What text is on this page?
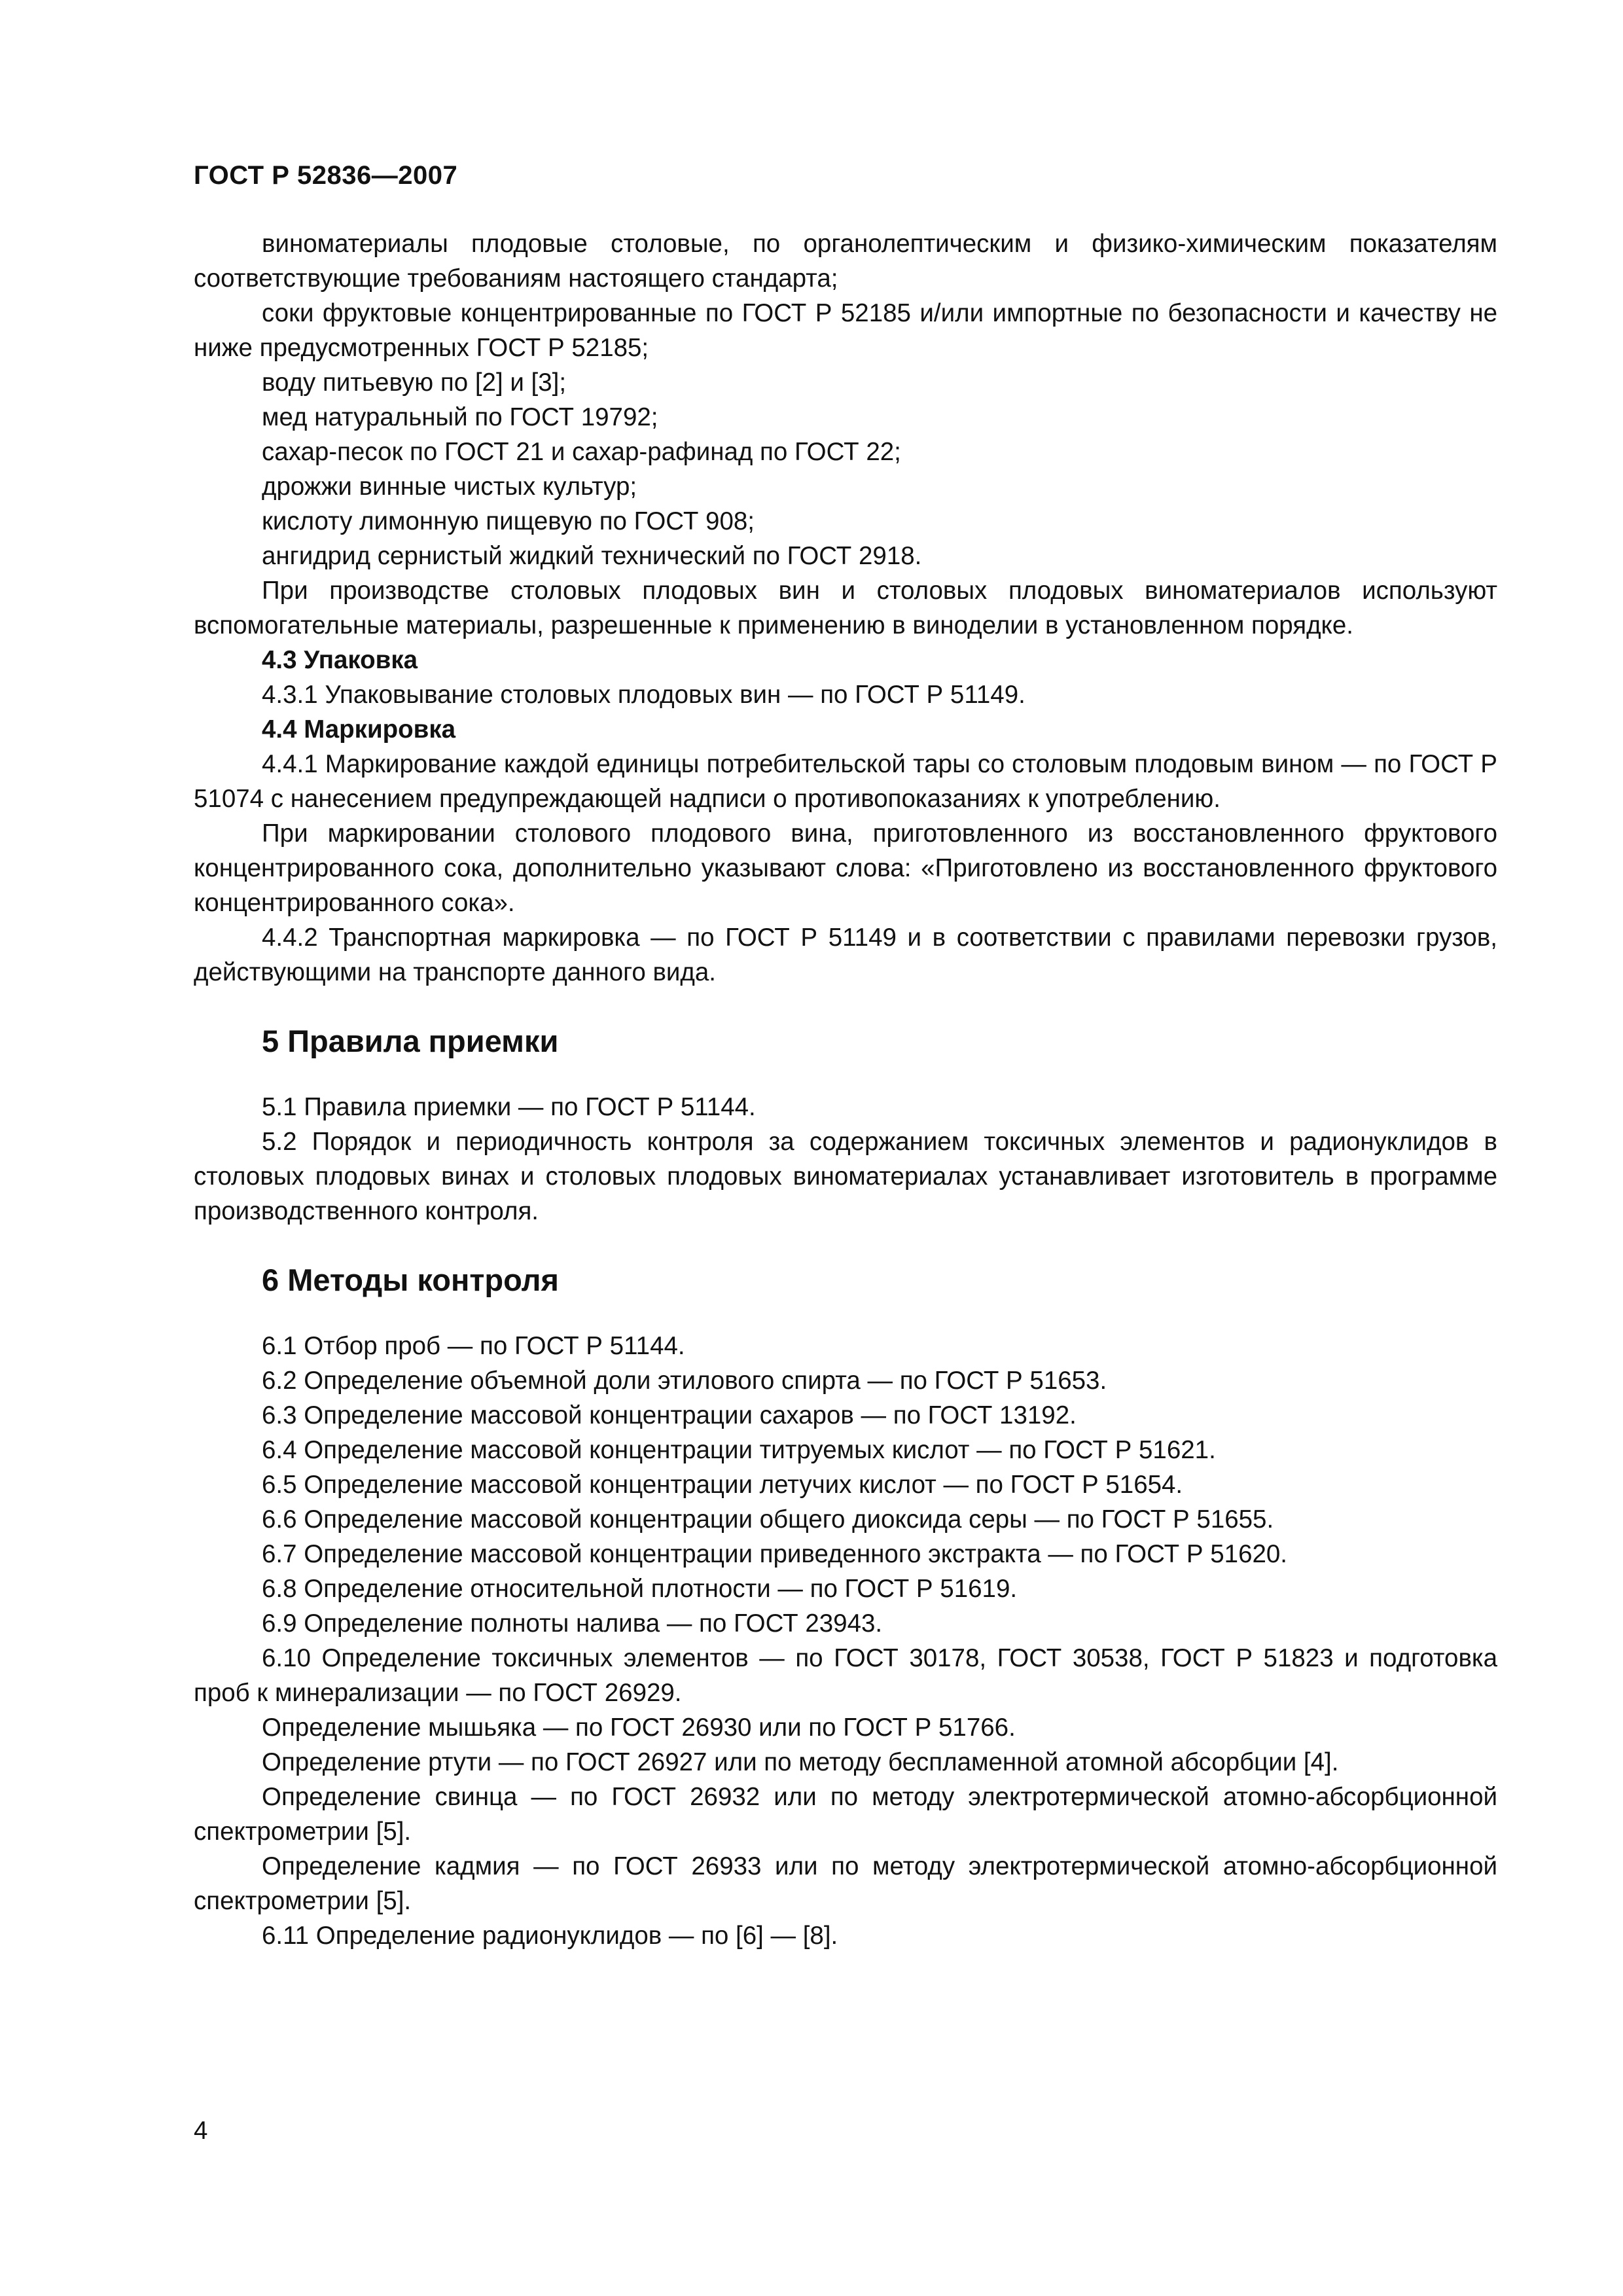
ГОСТ Р 52836—2007

виноматериалы плодовые столовые, по органолептическим и физико-химическим показателям соответствующие требованиям настоящего стандарта;

соки фруктовые концентрированные по ГОСТ Р 52185 и/или импортные по безопасности и качеству не ниже предусмотренных ГОСТ Р 52185;

воду питьевую по [2] и [3];

мед натуральный по ГОСТ 19792;

сахар-песок по ГОСТ 21 и сахар-рафинад по ГОСТ 22;

дрожжи винные чистых культур;

кислоту лимонную пищевую по ГОСТ 908;

ангидрид сернистый жидкий технический по ГОСТ 2918.

При производстве столовых плодовых вин и столовых плодовых виноматериалов используют вспомогательные материалы, разрешенные к применению в виноделии в установленном порядке.

4.3 Упаковка

4.3.1 Упаковывание столовых плодовых вин — по ГОСТ Р 51149.

4.4 Маркировка

4.4.1 Маркирование каждой единицы потребительской тары со столовым плодовым вином — по ГОСТ Р 51074 с нанесением предупреждающей надписи о противопоказаниях к употреблению.

При маркировании столового плодового вина, приготовленного из восстановленного фруктового концентрированного сока, дополнительно указывают слова: «Приготовлено из восстановленного фруктового концентрированного сока».

4.4.2 Транспортная маркировка — по ГОСТ Р 51149 и в соответствии с правилами перевозки грузов, действующими на транспорте данного вида.

5 Правила приемки

5.1 Правила приемки — по ГОСТ Р 51144.

5.2 Порядок и периодичность контроля за содержанием токсичных элементов и радионуклидов в столовых плодовых винах и столовых плодовых виноматериалах устанавливает изготовитель в программе производственного контроля.

6 Методы контроля

6.1 Отбор проб — по ГОСТ Р 51144.

6.2 Определение объемной доли этилового спирта — по ГОСТ Р 51653.

6.3 Определение массовой концентрации сахаров — по ГОСТ 13192.

6.4 Определение массовой концентрации титруемых кислот — по ГОСТ Р 51621.

6.5 Определение массовой концентрации летучих кислот — по ГОСТ Р 51654.

6.6 Определение массовой концентрации общего диоксида серы — по ГОСТ Р 51655.

6.7 Определение массовой концентрации приведенного экстракта — по ГОСТ Р 51620.

6.8 Определение относительной плотности — по ГОСТ Р 51619.

6.9 Определение полноты налива — по ГОСТ 23943.

6.10 Определение токсичных элементов — по ГОСТ 30178, ГОСТ 30538, ГОСТ Р 51823 и подготовка проб к минерализации — по ГОСТ 26929.

Определение мышьяка — по ГОСТ 26930 или по ГОСТ Р 51766.

Определение ртути — по ГОСТ 26927 или по методу беспламенной атомной абсорбции [4].

Определение свинца — по ГОСТ 26932 или по методу электротермической атомно-абсорбционной спектрометрии [5].

Определение кадмия — по ГОСТ 26933 или по методу электротермической атомно-абсорбционной спектрометрии [5].

6.11 Определение радионуклидов — по [6] — [8].

4
